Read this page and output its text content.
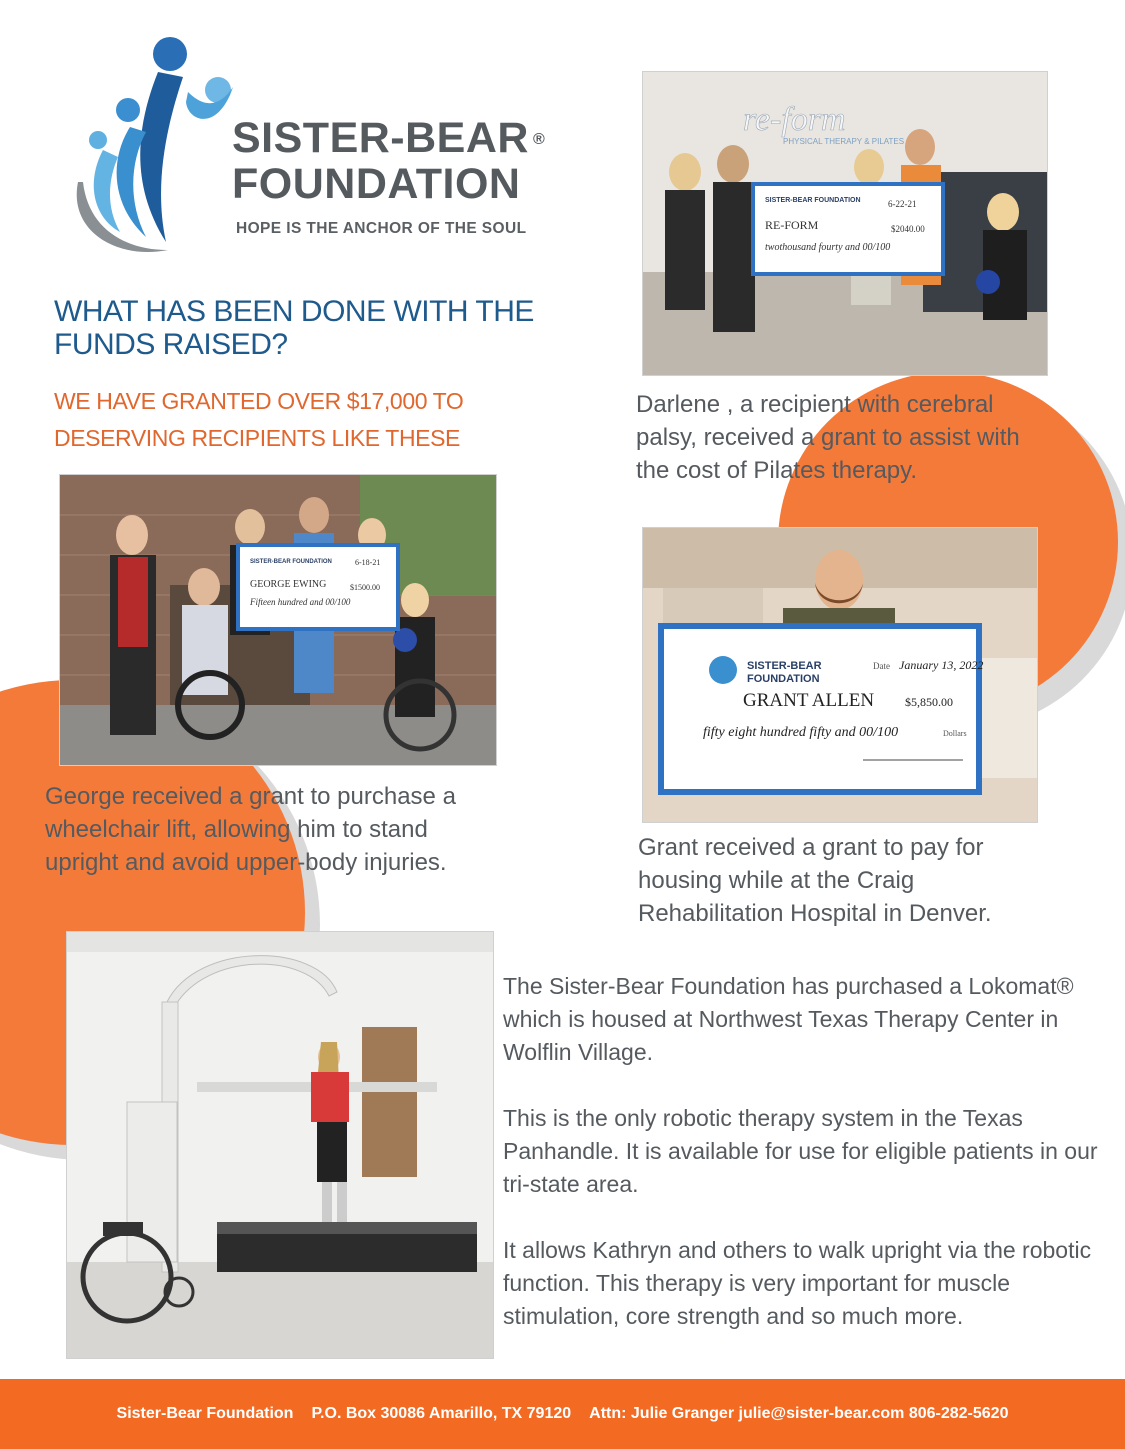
SISTER-BEAR ®
FOUNDATION
HOPE IS THE ANCHOR OF THE SOUL
WHAT HAS BEEN DONE WITH THE FUNDS RAISED?
WE HAVE GRANTED OVER $17,000 TO
DESERVING RECIPIENTS LIKE THESE
re-form
PHYSICAL THERAPY & PILATES
SISTER-BEAR FOUNDATION	6-22-21
RE-FORM	$2040.00
twothousand fourty and 00/100
SISTER-BEAR FOUNDATION	6-18-21
GEORGE EWING	$1500.00
Fifteen hundred and 00/100
SISTER-BEAR
FOUNDATION
Date January 13, 2022
GRANT ALLEN	$5,850.00
fifty eight hundred fifty and 00/100	Dollars
Darlene , a recipient with cerebral
palsy, received a grant to assist with
the cost of Pilates therapy.
George received a grant to purchase a
wheelchair lift, allowing him to stand
upright and avoid upper-body injuries.
Grant received a grant to pay for
housing while at the Craig
Rehabilitation Hospital in Denver.

The Sister-Bear Foundation has purchased a Lokomat® which is housed at Northwest Texas Therapy Center in Wolflin Village.

This is the only robotic therapy system in the Texas Panhandle. It is available for use for eligible patients in our tri-state area.

It allows Kathryn and others to walk upright via the robotic function. This therapy is very important for muscle stimulation, core strength and so much more.

Sister-Bear Foundation P.O. Box 30086 Amarillo, TX 79120 Attn: Julie Granger julie@sister-bear.com 806-282-5620
